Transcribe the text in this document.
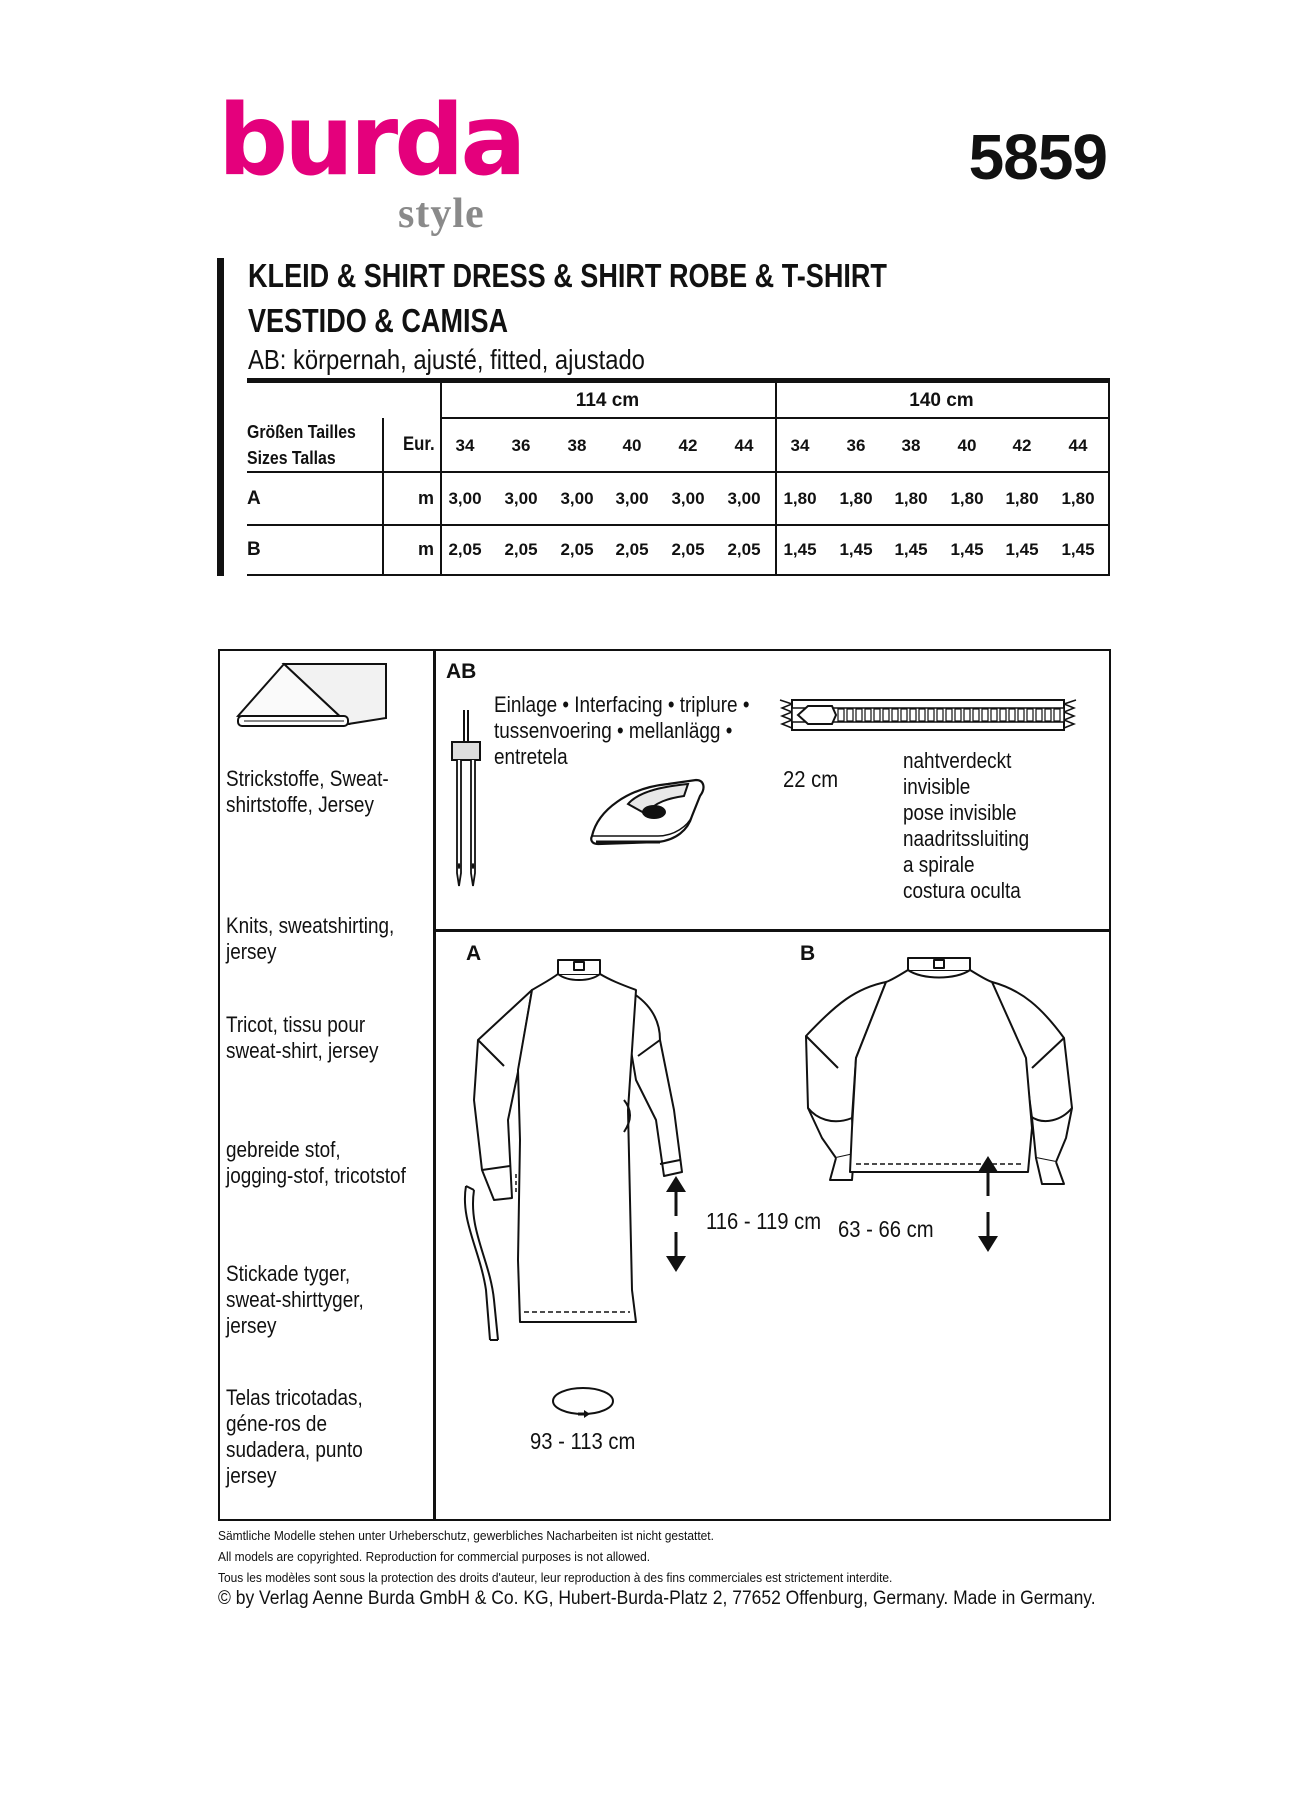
burda
style
5859
KLEID & SHIRT DRESS & SHIRT ROBE & T-SHIRT
VESTIDO & CAMISA
AB: körpernah, ajusté, fitted, ajustado
114 cm	140 cm
Größen Tailles
Sizes Tallas
Eur.	34	36	38	40	42	44	34	36	38	40	42	44
A	m 3,00	3,00	3,00	3,00	3,00	3,00	1,80	1,80	1,80	1,80	1,80	1,80
B	m 2,05	2,05	2,05	2,05	2,05	2,05	1,45	1,45	1,45	1,45	1,45	1,45
Strickstoffe, Sweat-shirtstoffe, Jersey
Knits, sweatshirting, jersey
Tricot, tissu pour sweat-shirt, jersey
gebreide stof, jogging-stof, tricotstof
Stickade tyger, sweat-shirttyger, jersey
Telas tricotadas, géne-ros de sudadera, punto jersey
AB
Einlage • Interfacing • triplure •
tussenvoering • mellanlägg •
entretela
22 cm
nahtverdeckt
invisible
pose invisible
naadritssluiting
a spirale
costura oculta
A
116 - 119 cm
93 - 113 cm
B
63 - 66 cm
Sämtliche Modelle stehen unter Urheberschutz, gewerbliches Nacharbeiten ist nicht gestattet.
All models are copyrighted. Reproduction for commercial purposes is not allowed.
Tous les modèles sont sous la protection des droits d'auteur, leur reproduction à des fins commerciales est strictement interdite.
© by Verlag Aenne Burda GmbH & Co. KG, Hubert-Burda-Platz 2, 77652 Offenburg, Germany. Made in Germany.
